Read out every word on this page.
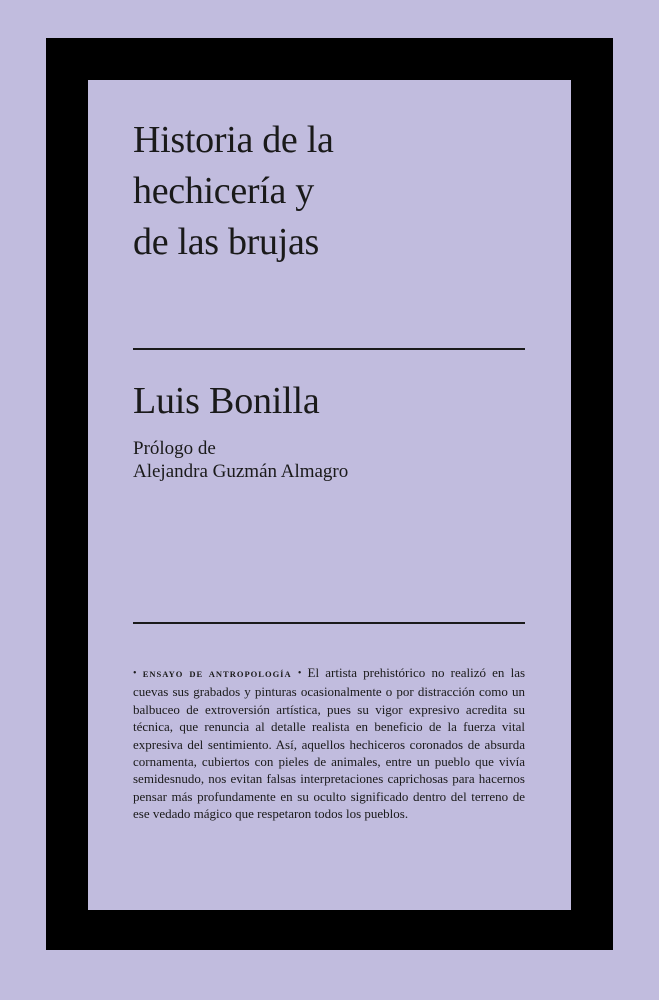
Historia de la
hechicería y
de las brujas
Luis Bonilla
Prólogo de
Alejandra Guzmán Almagro

• ENSAYO DE ANTROPOLOGÍA • El artista prehistórico no realizó en las cuevas sus grabados y pinturas ocasionalmente o por distracción como un balbuceo de extroversión artística, pues su vigor expresivo acredita su técnica, que renuncia al detalle realista en beneficio de la fuerza vital expresiva del sentimiento. Así, aquellos hechiceros coronados de absurda cornamenta, cubiertos con pieles de animales, entre un pueblo que vivía semidesnudo, nos evitan falsas interpretaciones caprichosas para hacernos pensar más profundamente en su oculto significado dentro del terreno de ese vedado mágico que respetaron todos los pueblos.
